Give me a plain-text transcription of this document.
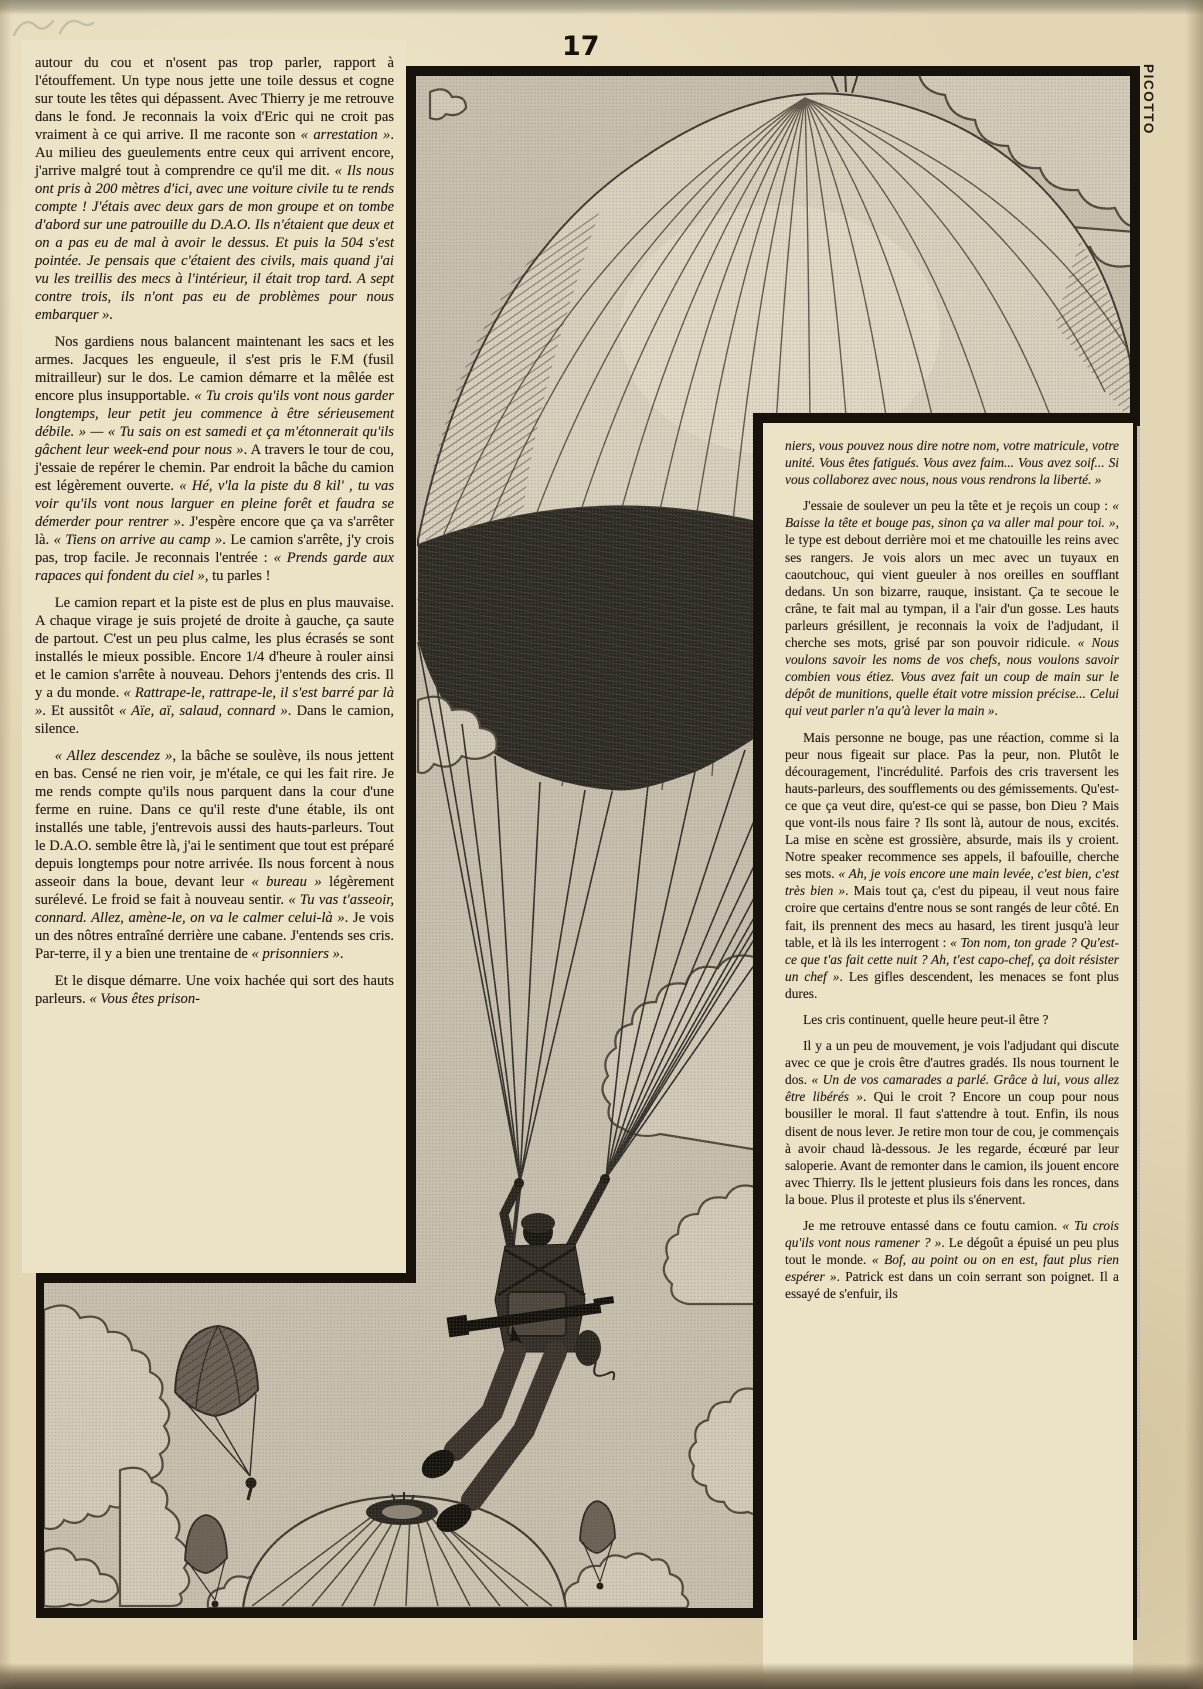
17
PICOTTO

autour du cou et n'osent pas trop parler, rapport à l'étouffement. Un type nous jette une toile dessus et cogne sur toute les têtes qui dépassent. Avec Thierry je me retrouve dans le fond. Je reconnais la voix d'Eric qui ne croit pas vraiment à ce qui arrive. Il me raconte son « arrestation ». Au milieu des gueulements entre ceux qui arrivent encore, j'arrive malgré tout à comprendre ce qu'il me dit. « Ils nous ont pris à 200 mètres d'ici, avec une voiture civile tu te rends compte ! J'étais avec deux gars de mon groupe et on tombe d'abord sur une patrouille du D.A.O. Ils n'étaient que deux et on a pas eu de mal à avoir le dessus. Et puis la 504 s'est pointée. Je pensais que c'étaient des civils, mais quand j'ai vu les treillis des mecs à l'intérieur, il était trop tard. A sept contre trois, ils n'ont pas eu de problèmes pour nous embarquer ».

Nos gardiens nous balancent maintenant les sacs et les armes. Jacques les engueule, il s'est pris le F.M (fusil mitrailleur) sur le dos. Le camion démarre et la mêlée est encore plus insupportable. « Tu crois qu'ils vont nous garder longtemps, leur petit jeu commence à être sérieusement débile. » — « Tu sais on est samedi et ça m'étonnerait qu'ils gâchent leur week-end pour nous ». A travers le tour de cou, j'essaie de repérer le chemin. Par endroit la bâche du camion est légèrement ouverte. « Hé, v'la la piste du 8 kil' , tu vas voir qu'ils vont nous larguer en pleine forêt et faudra se démerder pour rentrer ». J'espère encore que ça va s'arrêter là. « Tiens on arrive au camp ». Le camion s'arrête, j'y crois pas, trop facile. Je reconnais l'entrée : « Prends garde aux rapaces qui fondent du ciel », tu parles !

Le camion repart et la piste est de plus en plus mauvaise. A chaque virage je suis projeté de droite à gauche, ça saute de partout. C'est un peu plus calme, les plus écrasés se sont installés le mieux possible. Encore 1/4 d'heure à rouler ainsi et le camion s'arrête à nouveau. Dehors j'entends des cris. Il y a du monde. « Rattrape-le, rattrape-le, il s'est barré par là ». Et aussitôt « Aïe, aï, salaud, connard ». Dans le camion, silence.

« Allez descendez », la bâche se soulève, ils nous jettent en bas. Censé ne rien voir, je m'étale, ce qui les fait rire. Je me rends compte qu'ils nous parquent dans la cour d'une ferme en ruine. Dans ce qu'il reste d'une étable, ils ont installés une table, j'entrevois aussi des hauts-parleurs. Tout le D.A.O. semble être là, j'ai le sentiment que tout est préparé depuis longtemps pour notre arrivée. Ils nous forcent à nous asseoir dans la boue, devant leur « bureau » légèrement surélevé. Le froid se fait à nouveau sentir. « Tu vas t'asseoir, connard. Allez, amène-le, on va le calmer celui-là ». Je vois un des nôtres entraîné derrière une cabane. J'entends ses cris. Par-terre, il y a bien une trentaine de « prisonniers ».

Et le disque démarre. Une voix hachée qui sort des hauts parleurs. « Vous êtes prison-

niers, vous pouvez nous dire notre nom, votre matricule, votre unité. Vous êtes fatigués. Vous avez faim... Vous avez soif... Si vous collaborez avec nous, nous vous rendrons la liberté. »

J'essaie de soulever un peu la tête et je reçois un coup : « Baisse la tête et bouge pas, sinon ça va aller mal pour toi. », le type est debout derrière moi et me chatouille les reins avec ses rangers. Je vois alors un mec avec un tuyaux en caoutchouc, qui vient gueuler à nos oreilles en soufflant dedans. Un son bizarre, rauque, insistant. Ça te secoue le crâne, te fait mal au tympan, il a l'air d'un gosse. Les hauts parleurs grésillent, je reconnais la voix de l'adjudant, il cherche ses mots, grisé par son pouvoir ridicule. « Nous voulons savoir les noms de vos chefs, nous voulons savoir combien vous étiez. Vous avez fait un coup de main sur le dépôt de munitions, quelle était votre mission précise... Celui qui veut parler n'a qu'à lever la main ».

Mais personne ne bouge, pas une réaction, comme si la peur nous figeait sur place. Pas la peur, non. Plutôt le découragement, l'incrédulité. Parfois des cris traversent les hauts-parleurs, des soufflements ou des gémissements. Qu'est-ce que ça veut dire, qu'est-ce qui se passe, bon Dieu ? Mais que vont-ils nous faire ? Ils sont là, autour de nous, excités. La mise en scène est grossière, absurde, mais ils y croient. Notre speaker recommence ses appels, il bafouille, cherche ses mots. « Ah, je vois encore une main levée, c'est bien, c'est très bien ». Mais tout ça, c'est du pipeau, il veut nous faire croire que certains d'entre nous se sont rangés de leur côté. En fait, ils prennent des mecs au hasard, les tirent jusqu'à leur table, et là ils les interrogent : « Ton nom, ton grade ? Qu'est-ce que t'as fait cette nuit ? Ah, t'est capo-chef, ça doit résister un chef ». Les gifles descendent, les menaces se font plus dures.

Les cris continuent, quelle heure peut-il être ?

Il y a un peu de mouvement, je vois l'adjudant qui discute avec ce que je crois être d'autres gradés. Ils nous tournent le dos. « Un de vos camarades a parlé. Grâce à lui, vous allez être libérés ». Qui le croit ? Encore un coup pour nous bousiller le moral. Il faut s'attendre à tout. Enfin, ils nous disent de nous lever. Je retire mon tour de cou, je commençais à avoir chaud là-dessous. Je les regarde, écœuré par leur saloperie. Avant de remonter dans le camion, ils jouent encore avec Thierry. Ils le jettent plusieurs fois dans les ronces, dans la boue. Plus il proteste et plus ils s'énervent.

Je me retrouve entassé dans ce foutu camion. « Tu crois qu'ils vont nous ramener ? ». Le dégoût a épuisé un peu plus tout le monde. « Bof, au point ou on en est, faut plus rien espérer ». Patrick est dans un coin serrant son poignet. Il a essayé de s'enfuir, ils
